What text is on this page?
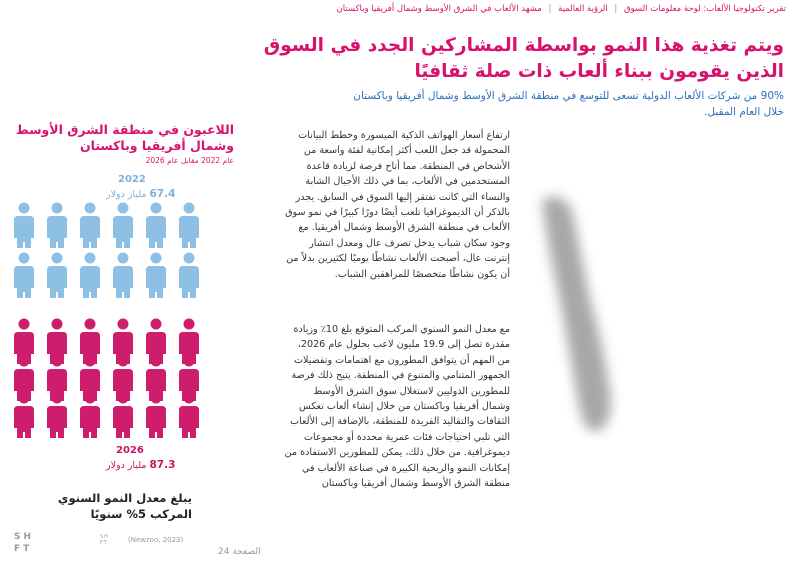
تقرير تكنولوجيا الألعاب: لوحة معلومات السوق | الرؤية العالمية | مشهد الألعاب في الشرق الأوسط وشمال أفريقيا وباكستان
ويتم تغذية هذا النمو بواسطة المشاركين الجدد في السوق
الذين يقومون ببناء ألعاب ذات صلة ثقافيًا
90% من شركات الألعاب الدولية تسعى للتوسع في منطقة الشرق الأوسط وشمال أفريقيا وباكستان خلال العام المقبل.

ارتفاع أسعار الهواتف الذكية الميسورة وخطط البيانات المحمولة قد جعل اللعب أكثر إمكانية لفئة واسعة من الأشخاص في المنطقة. مما أتاح فرصة لزيادة قاعدة المستخدمين في الألعاب، بما في ذلك الأجيال الشابة والنساء التي كانت تفتقر إليها السوق في السابق. يجدر بالذكر أن الديموغرافيا تلعب أيضًا دورًا كبيرًا في نمو سوق الألعاب في منطقة الشرق الأوسط وشمال أفريقيا. مع وجود سكان شباب يدخل تصرف عال ومعدل انتشار إنترنت عال، أصبحت الألعاب نشاطًا يوميًا لكثيرين بدلاً من أن يكون نشاطًا متخصصًا للمراهقين الشباب.

مع معدل النمو السنوي المركب المتوقع يلغ 10٪ وزيادة مقدرة تصل إلى 19.9 مليون لاعب بحلول عام 2026، من المهم أن يتوافق المطورون مع اهتمامات وتفضيلات الجمهور المتنامي والمتنوع في المنطقة. يتيح ذلك فرصة للمطورين الدوليين لاستغلال سوق الشرق الأوسط وشمال أفريقيا وباكستان من خلال إنشاء ألعاب تعكس الثقافات والتقاليد الفريدة للمنطقة، بالإضافة إلى الألعاب التي تلبي احتياجات فئات عمرية محددة أو مجموعات ديموغرافية. من خلال ذلك، يمكن للمطورين الاستفادة من إمكانات النمو والربحية الكبيرة في صناعة الألعاب في منطقة الشرق الأوسط وشمال أفريقيا وباكستان

اللاعبون في منطقة الشرق الأوسط وشمال أفريقيا وباكستان

عام 2022 مقابل عام 2026
2022
67.4 مليار دولار
2026
87.3 مليار دولار
يبلغ معدل النمو السنوي المركب 5% سنويًا
(Newzoo, 2023)
الصفحة 24
SH
FT
SH
FT
